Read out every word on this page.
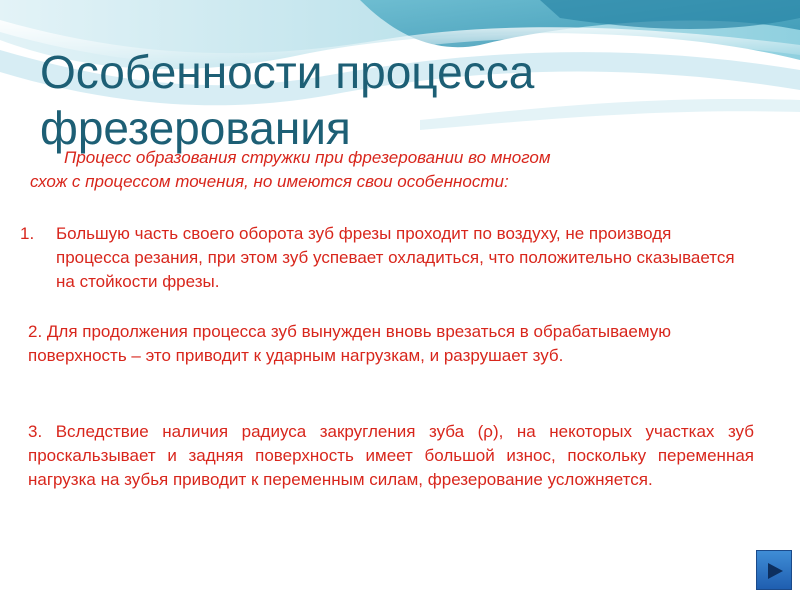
Особенности процесса фрезерования
Процесс образования стружки при фрезеровании во многом
схож с процессом точения, но имеются свои особенности:
1.	Большую часть своего оборота зуб фрезы проходит по воздуху, не производя процесса резания, при этом зуб успевает охладиться, что положительно сказывается на стойкости фрезы.
2. Для продолжения процесса зуб вынужден вновь врезаться в обрабатываемую поверхность – это приводит к ударным нагрузкам, и разрушает зуб.
3. Вследствие наличия радиуса закругления зуба (ρ), на некоторых участках зуб проскальзывает и задняя поверхность имеет большой износ, поскольку переменная нагрузка на зубья приводит к переменным силам, фрезерование усложняется.
